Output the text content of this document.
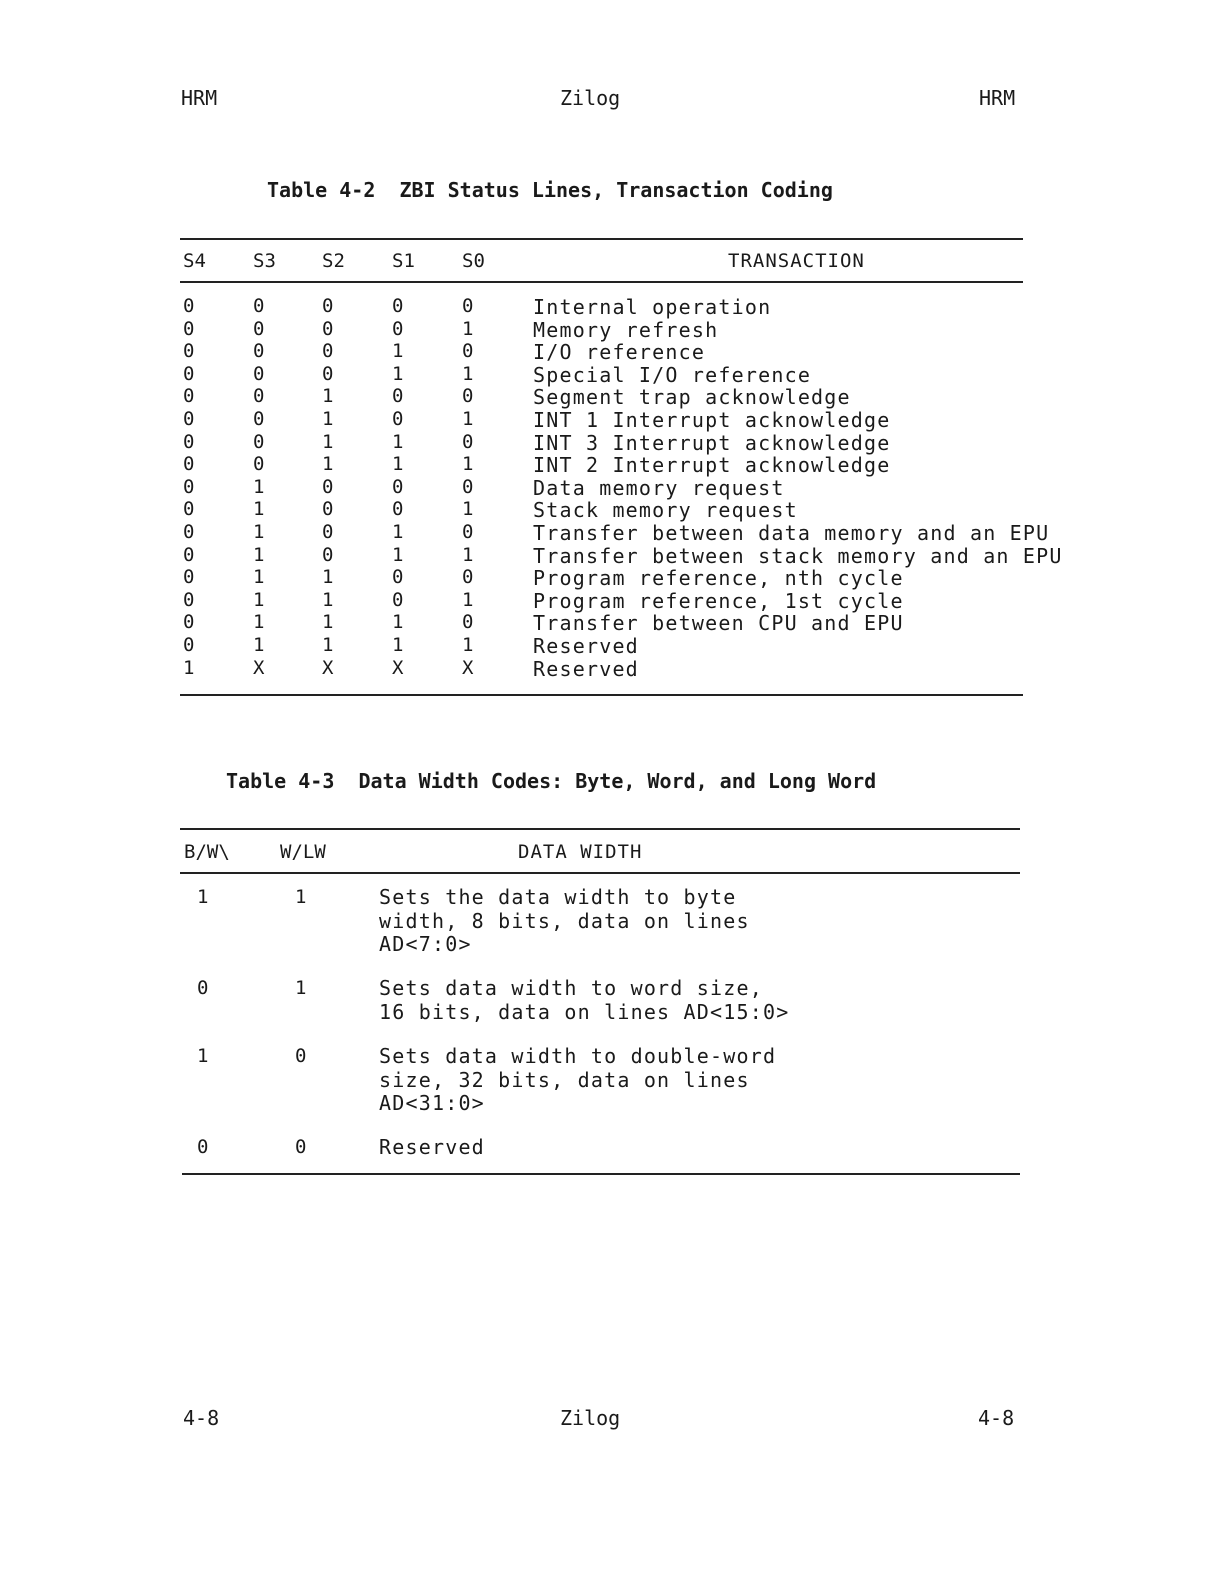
HRM	Zilog	HRM
Table 4-2  ZBI Status Lines, Transaction Coding
S4 S3 S2 S1 S0	TRANSACTION
0	0	0	0	0	Internal operation
0	0	0	0	1	Memory refresh
0	0	0	1	0	I/O reference
0	0	0	1	1	Special I/O reference
0	0	1	0	0	Segment trap acknowledge
0	0	1	0	1	INT 1 Interrupt acknowledge
0	0	1	1	0	INT 3 Interrupt acknowledge
0	0	1	1	1	INT 2 Interrupt acknowledge
0	1	0	0	0	Data memory request
0	1	0	0	1	Stack memory request
0	1	0	1	0	Transfer between data memory and an EPU
0	1	0	1	1	Transfer between stack memory and an EPU
0	1	1	0	0	Program reference, nth cycle
0	1	1	0	1	Program reference, 1st cycle
0	1	1	1	0	Transfer between CPU and EPU
0	1	1	1	1	Reserved
1	X	X	X	X	Reserved
Table 4-3  Data Width Codes: Byte, Word, and Long Word
B/W\	W/LW	DATA WIDTH
1	1	Sets the data width to byte
width, 8 bits, data on lines
AD<7:0>
0	1	Sets data width to word size,
16 bits, data on lines AD<15:0>
1	0	Sets data width to double-word
size, 32 bits, data on lines
AD<31:0>
0	0	Reserved
4-8	Zilog	4-8
